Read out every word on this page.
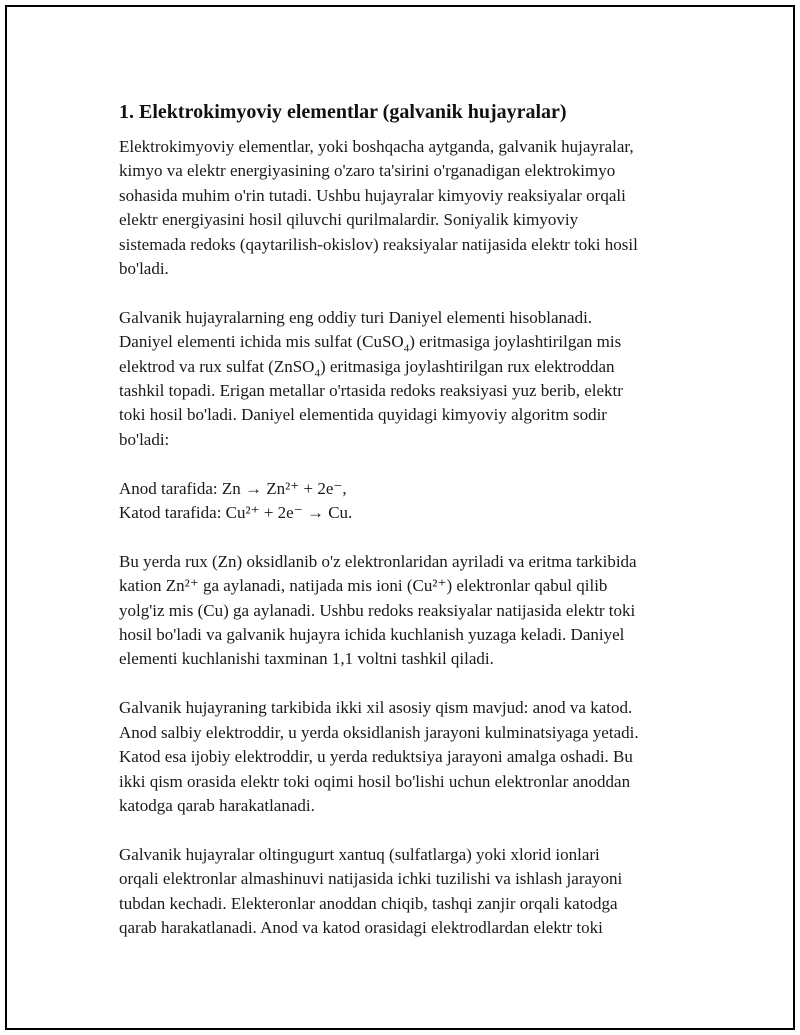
1. Elektrokimyoviy elementlar (galvanik hujayralar)

Elektrokimyoviy elementlar, yoki boshqacha aytganda, galvanik hujayralar,
kimyo va elektr energiyasining o'zaro ta'sirini o'rganadigan elektrokimyo
sohasida muhim o'rin tutadi. Ushbu hujayralar kimyoviy reaksiyalar orqali
elektr energiyasini hosil qiluvchi qurilmalardir. Soniyalik kimyoviy
sistemada redoks (qaytarilish-okislov) reaksiyalar natijasida elektr toki hosil
bo'ladi.

Galvanik hujayralarning eng oddiy turi Daniyel elementi hisoblanadi.
Daniyel elementi ichida mis sulfat (CuSO$_4$) eritmasiga joylashtirilgan mis
elektrod va rux sulfat (ZnSO$_4$) eritmasiga joylashtirilgan rux elektroddan
tashkil topadi. Erigan metallar o'rtasida redoks reaksiyasi yuz berib, elektr
toki hosil bo'ladi. Daniyel elementida quyidagi kimyoviy algoritm sodir
bo'ladi:

Anod tarafida: Zn → Zn²⁺ + 2e⁻,
Katod tarafida: Cu²⁺ + 2e⁻ → Cu.

Bu yerda rux (Zn) oksidlanib o'z elektronlaridan ayriladi va eritma tarkibida
kation Zn²⁺ ga aylanadi, natijada mis ioni (Cu²⁺) elektronlar qabul qilib
yolg'iz mis (Cu) ga aylanadi. Ushbu redoks reaksiyalar natijasida elektr toki
hosil bo'ladi va galvanik hujayra ichida kuchlanish yuzaga keladi. Daniyel
elementi kuchlanishi taxminan 1,1 voltni tashkil qiladi.

Galvanik hujayraning tarkibida ikki xil asosiy qism mavjud: anod va katod.
Anod salbiy elektroddir, u yerda oksidlanish jarayoni kulminatsiyaga yetadi.
Katod esa ijobiy elektroddir, u yerda reduktsiya jarayoni amalga oshadi. Bu
ikki qism orasida elektr toki oqimi hosil bo'lishi uchun elektronlar anoddan
katodga qarab harakatlanadi.

Galvanik hujayralar oltingugurt xantuq (sulfatlarga) yoki xlorid ionlari
orqali elektronlar almashinuvi natijasida ichki tuzilishi va ishlash jarayoni
tubdan kechadi. Elekteronlar anoddan chiqib, tashqi zanjir orqali katodga
qarab harakatlanadi. Anod va katod orasidagi elektrodlardan elektr toki
